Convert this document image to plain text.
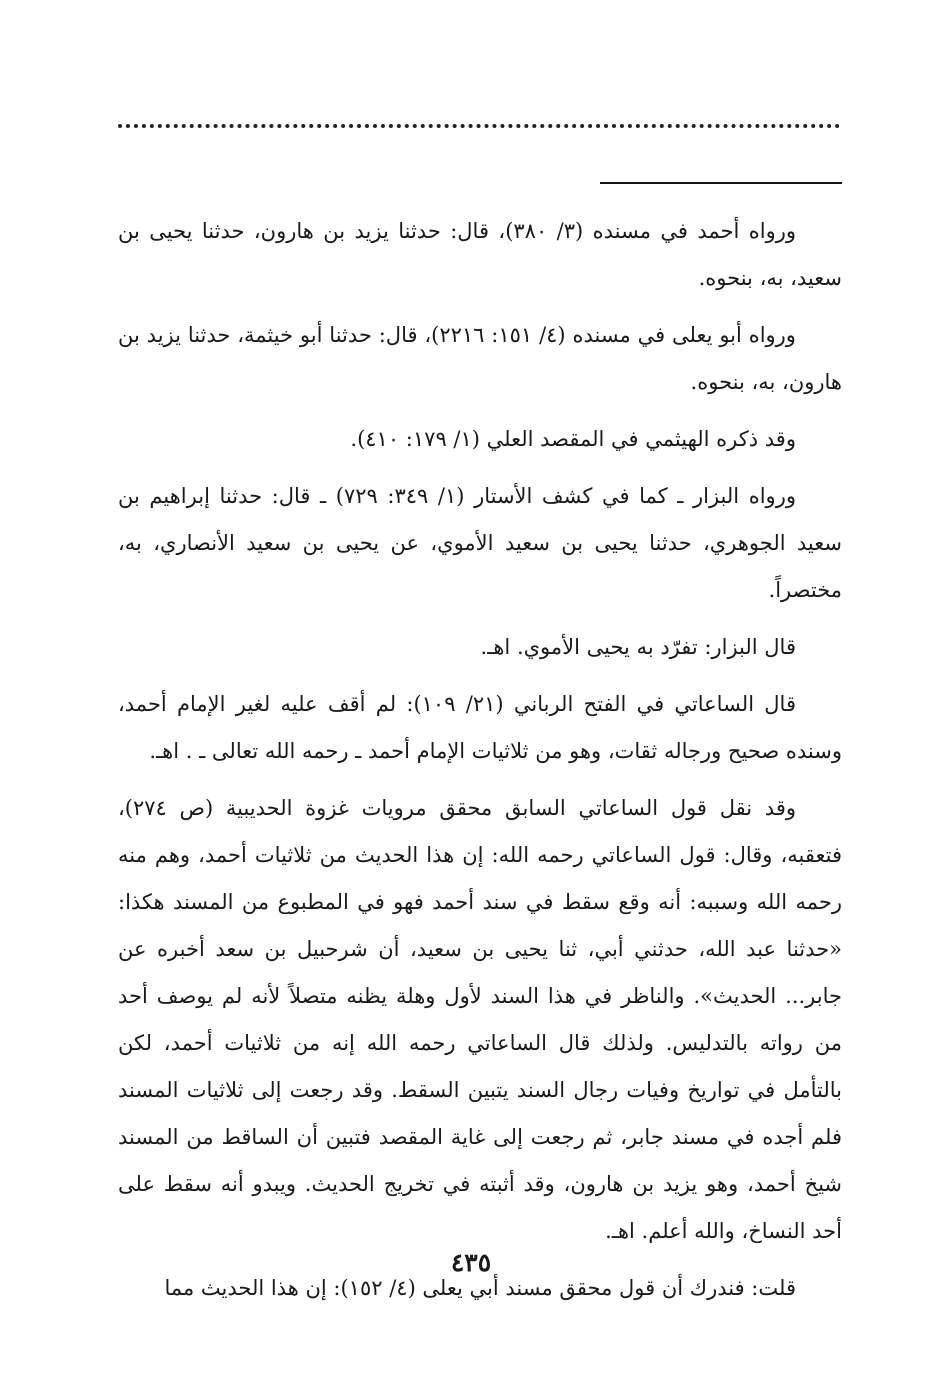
ورواه أحمد في مسنده (٣/ ٣٨٠)، قال: حدثنا يزيد بن هارون، حدثنا يحيى بن سعيد، به، بنحوه.

ورواه أبو يعلى في مسنده (٤/ ١٥١: ٢٢١٦)، قال: حدثنا أبو خيثمة، حدثنا يزيد بن هارون، به، بنحوه.

وقد ذكره الهيثمي في المقصد العلي (١/ ١٧٩: ٤١٠).

ورواه البزار ـ كما في كشف الأستار (١/ ٣٤٩: ٧٢٩) ـ قال: حدثنا إبراهيم بن سعيد الجوهري، حدثنا يحيى بن سعيد الأموي، عن يحيى بن سعيد الأنصاري، به، مختصراً.

قال البزار: تفرّد به يحيى الأموي. اهـ.

قال الساعاتي في الفتح الرباني (٢١/ ١٠٩): لم أقف عليه لغير الإمام أحمد، وسنده صحيح ورجاله ثقات، وهو من ثلاثيات الإمام أحمد ـ رحمه الله تعالى ـ . اهـ.

وقد نقل قول الساعاتي السابق محقق مرويات غزوة الحديبية (ص ٢٧٤)، فتعقبه، وقال: قول الساعاتي رحمه الله: إن هذا الحديث من ثلاثيات أحمد، وهم منه رحمه الله وسببه: أنه وقع سقط في سند أحمد فهو في المطبوع من المسند هكذا: «حدثنا عبد الله، حدثني أبي، ثنا يحيى بن سعيد، أن شرحبيل بن سعد أخبره عن جابر... الحديث». والناظر في هذا السند لأول وهلة يظنه متصلاً لأنه لم يوصف أحد من رواته بالتدليس. ولذلك قال الساعاتي رحمه الله إنه من ثلاثيات أحمد، لكن بالتأمل في تواريخ وفيات رجال السند يتبين السقط. وقد رجعت إلى ثلاثيات المسند فلم أجده في مسند جابر، ثم رجعت إلى غاية المقصد فتبين أن الساقط من المسند شيخ أحمد، وهو يزيد بن هارون، وقد أثبته في تخريج الحديث. ويبدو أنه سقط على أحد النساخ، والله أعلم. اهـ.

قلت: فندرك أن قول محقق مسند أبي يعلى (٤/ ١٥٢): إن هذا الحديث مما

٤٣٥
